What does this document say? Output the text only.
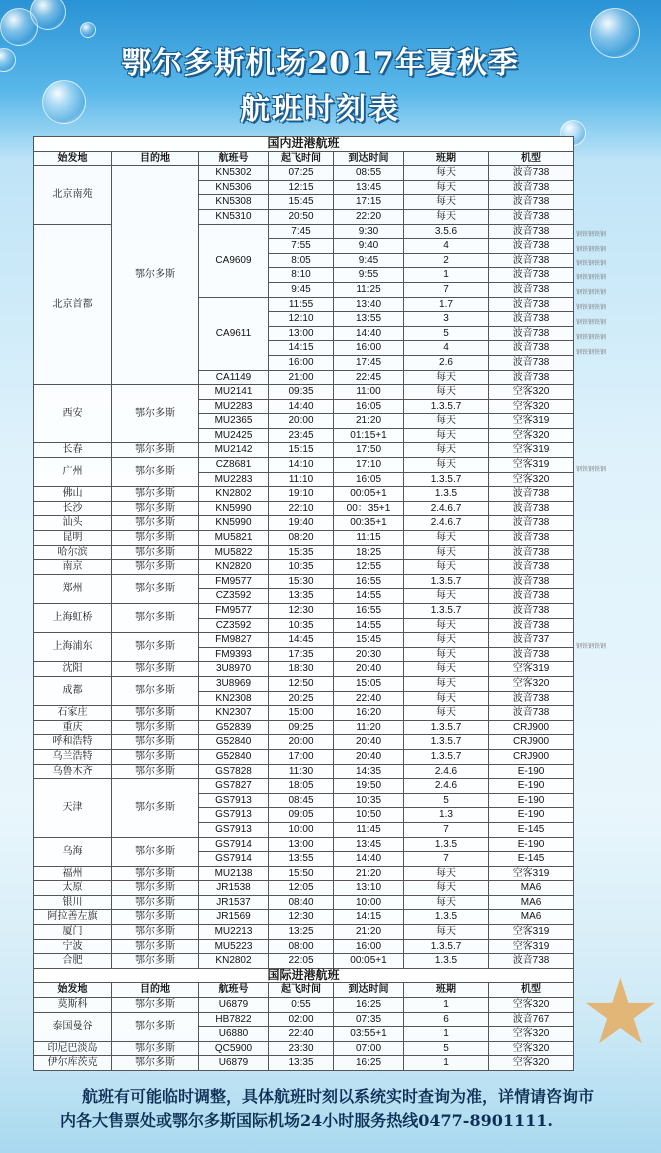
★
鄂尔多斯机场2017年夏秋季
航班时刻表
国内进港航班						
始发地	目的地	航班号	起飞时间	到达时间	班期	机型
北京南苑	鄂尔多斯	KN5302	07:25	08:55	每天	波音738
		KN5306	12:15	13:45	每天	波音738
		KN5308	15:45	17:15	每天	波音738
		KN5310	20:50	22:20	每天	波音738
北京首都		CA9609	7:45	9:30	3.5.6	波音738
			7:55	9:40	4	波音738
			8:05	9:45	2	波音738
			8:10	9:55	1	波音738
			9:45	11:25	7	波音738
		CA9611	11:55	13:40	1.7	波音738
			12:10	13:55	3	波音738
			13:00	14:40	5	波音738
			14:15	16:00	4	波音738
			16:00	17:45	2.6	波音738
		CA1149	21:00	22:45	每天	波音738
西安	鄂尔多斯	MU2141	09:35	11:00	每天	空客320
		MU2283	14:40	16:05	1.3.5.7	空客320
		MU2365	20:00	21:20	每天	空客319
		MU2425	23:45	01:15+1	每天	空客320
长春	鄂尔多斯	MU2142	15:15	17:50	每天	空客319
广州	鄂尔多斯	CZ8681	14:10	17:10	每天	空客319
		MU2283	11:10	16:05	1.3.5.7	空客320
佛山	鄂尔多斯	KN2802	19:10	00:05+1	1.3.5	波音738
长沙	鄂尔多斯	KN5990	22:10	00：35+1	2.4.6.7	波音738
汕头	鄂尔多斯	KN5990	19:40	00:35+1	2.4.6.7	波音738
昆明	鄂尔多斯	MU5821	08:20	11:15	每天	波音738
哈尔滨	鄂尔多斯	MU5822	15:35	18:25	每天	波音738
南京	鄂尔多斯	KN2820	10:35	12:55	每天	波音738
郑州	鄂尔多斯	FM9577	15:30	16:55	1.3.5.7	波音738
		CZ3592	13:35	14:55	每天	波音738
上海虹桥	鄂尔多斯	FM9577	12:30	16:55	1.3.5.7	波音738
		CZ3592	10:35	14:55	每天	波音738
上海浦东	鄂尔多斯	FM9827	14:45	15:45	每天	波音737
		FM9393	17:35	20:30	每天	波音738
沈阳	鄂尔多斯	3U8970	18:30	20:40	每天	空客319
成都	鄂尔多斯	3U8969	12:50	15:05	每天	空客320
		KN2308	20:25	22:40	每天	波音738
石家庄	鄂尔多斯	KN2307	15:00	16:20	每天	波音738
重庆	鄂尔多斯	G52839	09:25	11:20	1.3.5.7	CRJ900
呼和浩特	鄂尔多斯	G52840	20:00	20:40	1.3.5.7	CRJ900
乌兰浩特	鄂尔多斯	G52840	17:00	20:40	1.3.5.7	CRJ900
乌鲁木齐	鄂尔多斯	GS7828	11:30	14:35	2.4.6	E-190
天津	鄂尔多斯	GS7827	18:05	19:50	2.4.6	E-190
		GS7913	08:45	10:35	5	E-190
		GS7913	09:05	10:50	1.3	E-190
		GS7913	10:00	11:45	7	E-145
乌海	鄂尔多斯	GS7914	13:00	13:45	1.3.5	E-190
		GS7914	13:55	14:40	7	E-145
福州	鄂尔多斯	MU2138	15:50	21:20	每天	空客319
太原	鄂尔多斯	JR1538	12:05	13:10	每天	MA6
银川	鄂尔多斯	JR1537	08:40	10:00	每天	MA6
阿拉善左旗	鄂尔多斯	JR1569	12:30	14:15	1.3.5	MA6
厦门	鄂尔多斯	MU2213	13:25	21:20	每天	空客319
宁波	鄂尔多斯	MU5223	08:00	16:00	1.3.5.7	空客319
合肥	鄂尔多斯	KN2802	22:05	00:05+1	1.3.5	波音738
国际进港航班						
始发地	目的地	航班号	起飞时间	到达时间	班期	机型
莫斯科	鄂尔多斯	U6879	0:55	16:25	1	空客320
泰国曼谷	鄂尔多斯	HB7822	02:00	07:35	6	波音767
		U6880	22:40	03:55+1	1	空客320
印尼巴淡岛	鄂尔多斯	QC5900	23:30	07:00	5	空客320
伊尔库茨克	鄂尔多斯	U6879	13:35	16:25	1	空客320
钢铁钢铁钢
钢铁钢铁钢
钢铁钢铁钢
钢铁钢铁钢
钢铁钢铁钢
钢铁钢铁钢
钢铁钢铁钢
钢铁钢铁钢
钢铁钢铁钢
钢铁钢铁钢
钢铁钢铁钢
航班有可能临时调整，具体航班时刻以系统实时查询为准，详情请咨询市内各大售票处或鄂尔多斯国际机场24小时服务热线0477-8901111.
